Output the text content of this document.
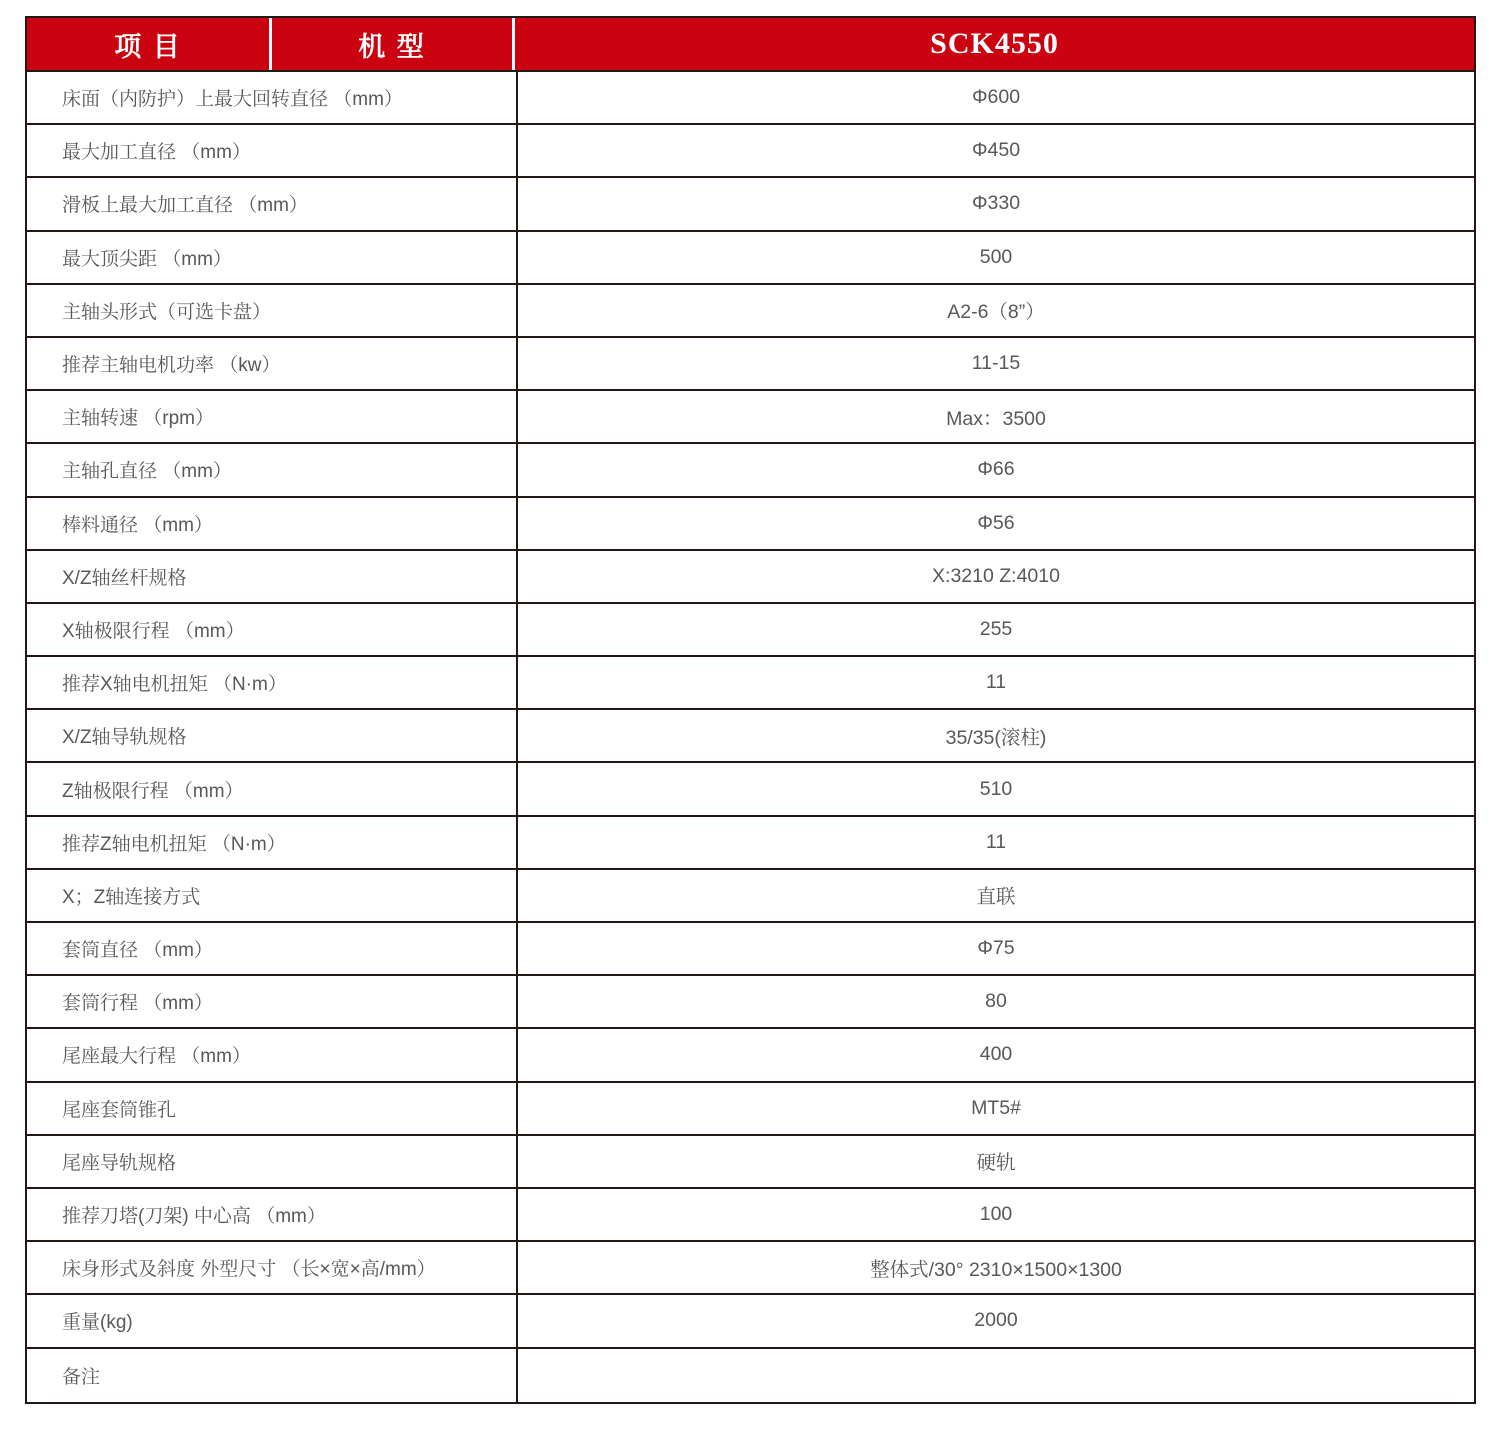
项 目	机 型	SCK4550
床面（内防护）上最大回转直径 （mm）	Φ600
最大加工直径 （mm）	Φ450
滑板上最大加工直径 （mm）	Φ330
最大顶尖距 （mm）	500
主轴头形式（可选卡盘）	A2-6（8”）
推荐主轴电机功率 （kw）	11-15
主轴转速 （rpm）	Max：3500
主轴孔直径 （mm）	Φ66
棒料通径 （mm）	Φ56
X/Z轴丝杆规格	X:3210 Z:4010
X轴极限行程 （mm）	255
推荐X轴电机扭矩 （N·m）	11
X/Z轴导轨规格	35/35(滚柱)
Z轴极限行程 （mm）	510
推荐Z轴电机扭矩 （N·m）	11
X；Z轴连接方式	直联
套筒直径 （mm）	Φ75
套筒行程 （mm）	80
尾座最大行程 （mm）	400
尾座套筒锥孔	MT5#
尾座导轨规格	硬轨
推荐刀塔(刀架) 中心高 （mm）	100
床身形式及斜度 外型尺寸 （长×宽×高/mm）	整体式/30° 2310×1500×1300
重量(kg)	2000
备注
